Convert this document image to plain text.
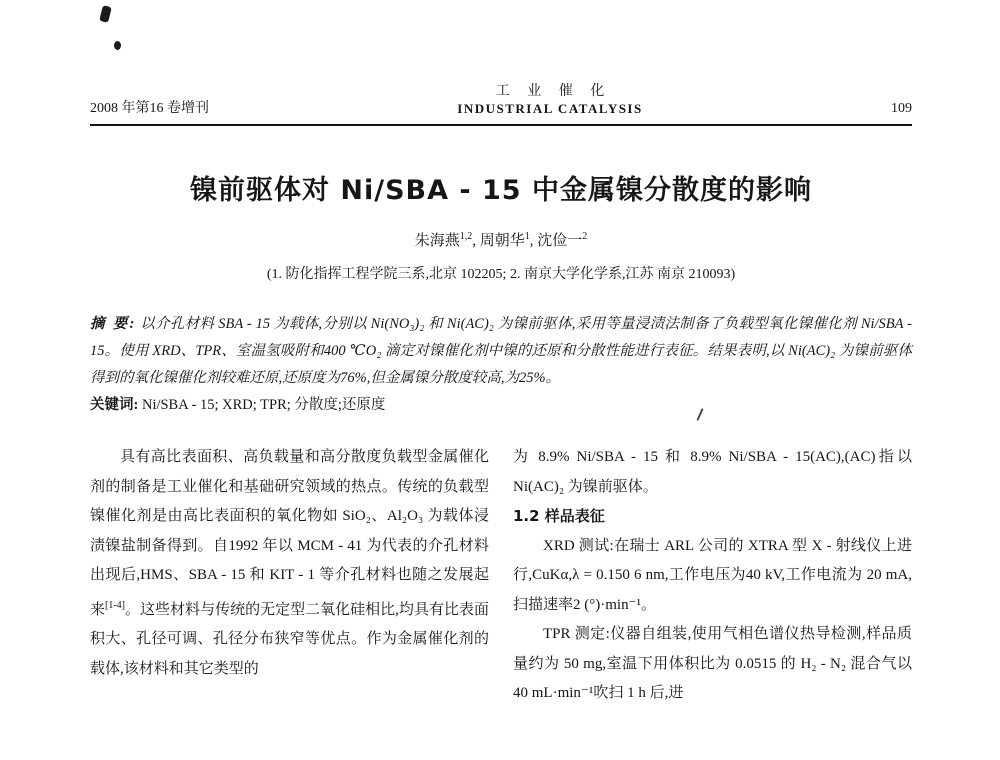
2008 年第16 卷增刊
工 业 催 化
INDUSTRIAL CATALYSIS	109
镍前驱体对 Ni/SBA - 15 中金属镍分散度的影响
朱海燕$^{1,2}$, 周朝华$^1$, 沈俭一$^2$
(1. 防化指挥工程学院三系,北京 102205; 2. 南京大学化学系,江苏 南京 210093)
摘 要: 以介孔材料 SBA - 15 为载体,分别以 Ni(NO₃)₂ 和 Ni(AC)₂ 为镍前驱体,采用等量浸渍法制备了负载型氧化镍催化剂 Ni/SBA - 15。使用 XRD、TPR、室温氢吸附和400 ℃O₂ 滴定对镍催化剂中镍的还原和分散性能进行表征。结果表明,以 Ni(AC)₂ 为镍前驱体得到的氧化镍催化剂较难还原,还原度为76%,但金属镍分散度较高,为25%。
关键词: Ni/SBA - 15; XRD; TPR; 分散度;还原度

具有高比表面积、高负载量和高分散度负载型金属催化剂的制备是工业催化和基础研究领域的热点。传统的负载型镍催化剂是由高比表面积的氧化物如 SiO₂、Al₂O₃ 为载体浸渍镍盐制备得到。自1992 年以 MCM - 41 为代表的介孔材料出现后,HMS、SBA - 15 和 KIT - 1 等介孔材料也随之发展起来[1-4]。这些材料与传统的无定型二氧化硅相比,均具有比表面积大、孔径可调、孔径分布狭窄等优点。作为金属催化剂的载体,该材料和其它类型的

为 8.9% Ni/SBA - 15 和 8.9% Ni/SBA - 15(AC),(AC)指以 Ni(AC)₂ 为镍前驱体。

1.2 样品表征

XRD 测试:在瑞士 ARL 公司的 XTRA 型 X - 射线仪上进行,CuKα,λ = 0.150 6 nm,工作电压为40 kV,工作电流为 20 mA,扫描速率2 (°)·min⁻¹。

TPR 测定:仪器自组装,使用气相色谱仪热导检测,样品质量约为 50 mg,室温下用体积比为 0.0515 的 H₂ - N₂ 混合气以 40 mL·min⁻¹吹扫 1 h 后,进
